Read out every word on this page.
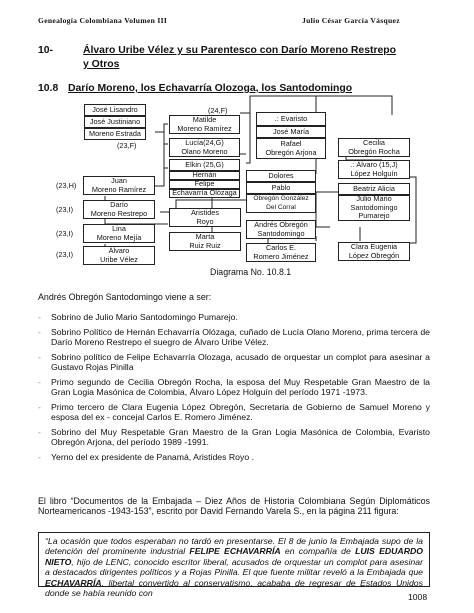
Genealogía Colombiana Volumen III	Julio César García Vásquez
10-	Álvaro Uribe Vélez y su Parentesco con Darío Moreno Restrepo
y Otros
10.8 Darío Moreno, los Echavarría Olozoga, los Santodomingo
José Lisandro
José Justiniano
Moreno Estrada
(23,F)
(24,F)
Matilde
Moreno Ramírez
Lucía(24,G)
Olano Moreno
Elkin (25,G)
Hernán
Felipe
Echavarría Olózaga
(23,H)
Juan
Moreno Ramírez
(23,I)
Darío
Moreno Restrepo
(23,I)
Lina
Moreno Mejía
(23,I)	Álvaro
Uribe Vélez
Aristides
Royo
Marta
Ruiz Ruiz
.: Evaristo
José María
Rafael
Obregón Arjona
Dolores
Pablo
Obregón González
Del Corral
Andrés Obregón
Santodomingo
Carlos E.
Romero Jiménez
Cecilia
Obregón Rocha
.: Álvaro (15,J)
López Holguín
Beatriz Alicia
Julio Mario
Santodomingo
Pumarejo
Clara Eugenia
López Obregón
Diagrama No. 10.8.1
Andrés Obregón Santodomingo viene a ser:
- Sobrino de Julio Mario Santodomingo Pumarejo.
- Sobrino Político de Hernán Echavarría Olózaga, cuñado de Lucía Olano Moreno, prima tercera de Darío Moreno Restrepo el suegro de Álvaro Uribe Vélez.
- Sobrino político de Felipe Echavarría Olozaga, acusado de orquestar un complot para asesinar a Gustavo Rojas Pinilla
- Primo segundo de Cecilia Obregón Rocha, la esposa del Muy Respetable Gran Maestro de la Gran Logia Masónica de Colombia, Álvaro López Holguín del período 1971 -1973.
- Primo tercero de Clara Eugenia López Obregón, Secretaria de Gobierno de Samuel Moreno y esposa del ex - concejal Carlos E. Romero Jiménez.
- Sobrino del Muy Respetable Gran Maestro de la Gran Logia Masónica de Colombia, Evaristo Obregón Arjona, del período 1989 -1991.
- Yerno del ex presidente de Panamá, Aristides Royo .
El libro “Documentos de la Embajada – Diez Años de Historia Colombiana Según Diplomáticos Norteamericanos -1943-153”, escrito por David Fernando Varela S., en la página 211 figura:
“La ocasión que todos esperaban no tardó en presentarse. El 8 de junio la Embajada supo de la detención del prominente industrial FELIPE ECHAVARRÍA en compañía de LUIS EDUARDO NIETO, hijo de LENC, conocido escritor liberal, acusados de orquestar un complot para asesinar a destacados dirigentes políticos y a Rojas Pinilla. El que fuente militar reveló a la Embajada que ECHAVARRÍA, libertal convertido al conservatismo, acababa de regresar de Estados Unidos donde se había reunido con	1008
